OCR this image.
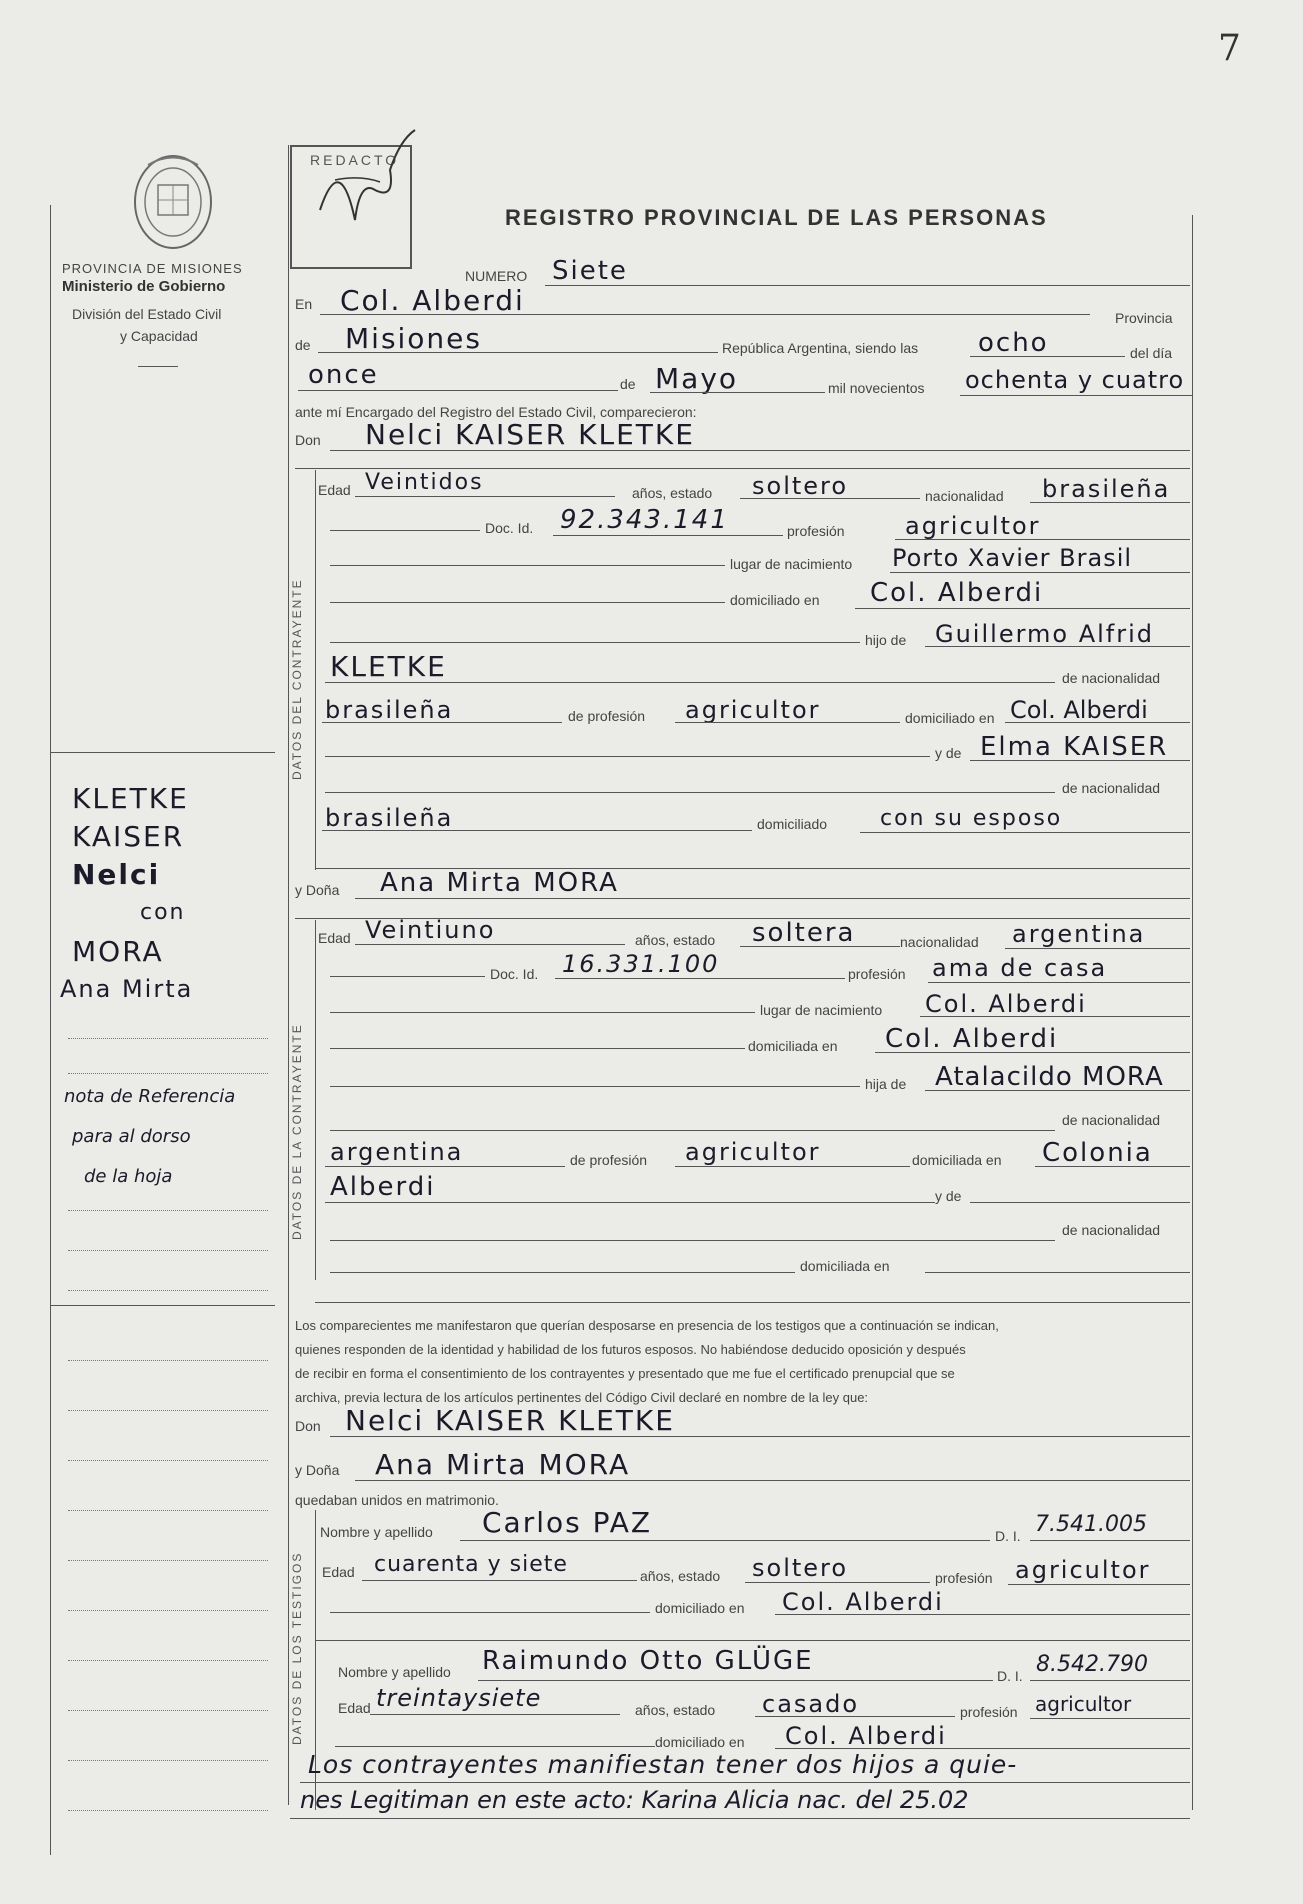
7
PROVINCIA DE MISIONES
Ministerio de Gobierno
División del Estado Civil
y Capacidad
KLETKE
KAISER
Nelci
con
MORA
Ana Mirta
nota de Referencia
para al dorso
de la hoja
REDACTO
REGISTRO PROVINCIAL DE LAS PERSONAS
NUMERO Siete
En Col. Alberdi
Provincia
de Misiones	República Argentina, siendo las ocho	del día
once	de Mayo	mil novecientos ochenta y cuatro
ante mí Encargado del Registro del Estado Civil, comparecieron:
Don Nelci KAISER KLETKE
DATOS DEL CONTRAYENTE
Edad Veintidos	años, estado soltero	nacionalidad brasileña
Doc. Id. 92.343.141	profesión	agricultor
lugar de nacimiento Porto Xavier Brasil
domiciliado en Col. Alberdi
hijo de Guillermo Alfrid
KLETKE	de nacionalidad
brasileña	de profesión agricultor	domiciliado en Col. Alberdi
y de Elma KAISER
de nacionalidad
brasileña	domiciliado con su esposo
y Doña Ana Mirta MORA
DATOS DE LA CONTRAYENTE
Edad Veintiuno	años, estado soltera	nacionalidad argentina
Doc. Id. 16.331.100	profesión ama de casa
lugar de nacimiento Col. Alberdi
domiciliada en Col. Alberdi
hija de Atalacildo MORA
de nacionalidad
argentina	de profesión agricultor	domiciliada en Colonia
Alberdi	y de
de nacionalidad
domiciliada en
Los comparecientes me manifestaron que querían desposarse en presencia de los testigos que a continuación se indican,
quienes responden de la identidad y habilidad de los futuros esposos. No habiéndose deducido oposición y después
de recibir en forma el consentimiento de los contrayentes y presentado que me fue el certificado prenupcial que se
archiva, previa lectura de los artículos pertinentes del Código Civil declaré en nombre de la ley que:
Don Nelci KAISER KLETKE
y Doña Ana Mirta MORA
quedaban unidos en matrimonio.
DATOS DE LOS TESTIGOS
Nombre y apellido Carlos PAZ	D. I. 7.541.005
Edad cuarenta y siete	años, estado soltero	profesión agricultor
domiciliado en Col. Alberdi
Nombre y apellido Raimundo Otto GLÜGE	D. I. 8.542.790
Edad treintaysiete	años, estado casado	profesión agricultor
domiciliado en Col. Alberdi
Los contrayentes manifiestan tener dos hijos a quie-
nes Legitiman en este acto: Karina Alicia nac. del 25.02
